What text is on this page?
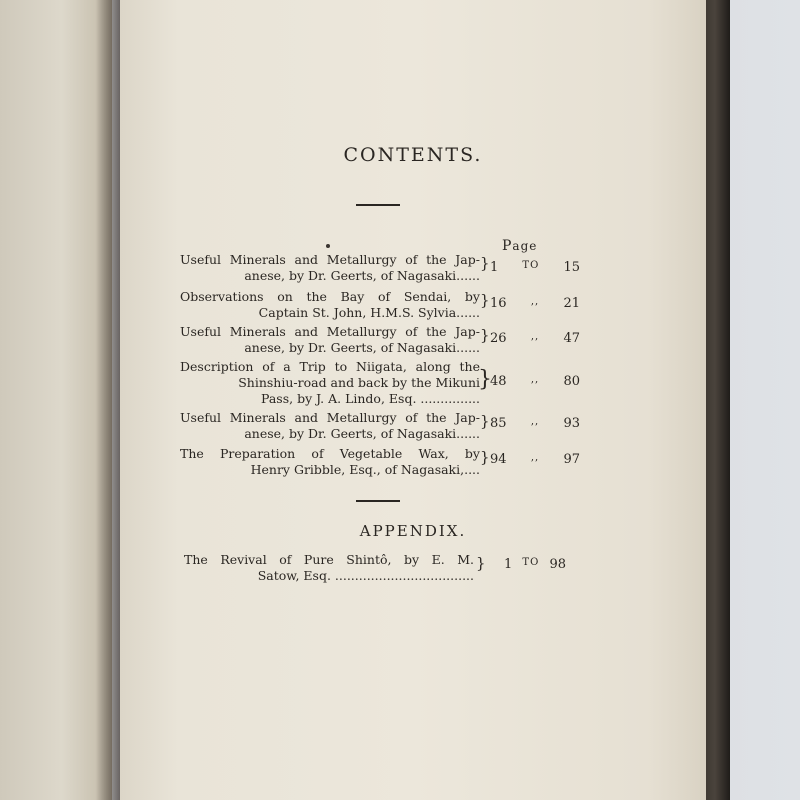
CONTENTS.
Page
Useful Minerals and Metallurgy of the Jap-
anese, by Dr. Geerts, of Nagasaki......
} 1 TO 15
Observations on the Bay of Sendai, by
Captain St. John, H.M.S. Sylvia......
} 16 ,, 21
Useful Minerals and Metallurgy of the Jap-
anese, by Dr. Geerts, of Nagasaki......
} 26 ,, 47
Description of a Trip to Niigata, along the
Shinshiu-road and back by the Mikuni
Pass, by J. A. Lindo, Esq. ...............
}
48 ,, 80
Useful Minerals and Metallurgy of the Jap-
anese, by Dr. Geerts, of Nagasaki......
} 85 ,, 93
The Preparation of Vegetable Wax, by
Henry Gribble, Esq., of Nagasaki,....
} 94 ,, 97
APPENDIX.
The Revival of Pure Shintô, by E. M.
Satow, Esq. ...................................
} 1 TO 98
